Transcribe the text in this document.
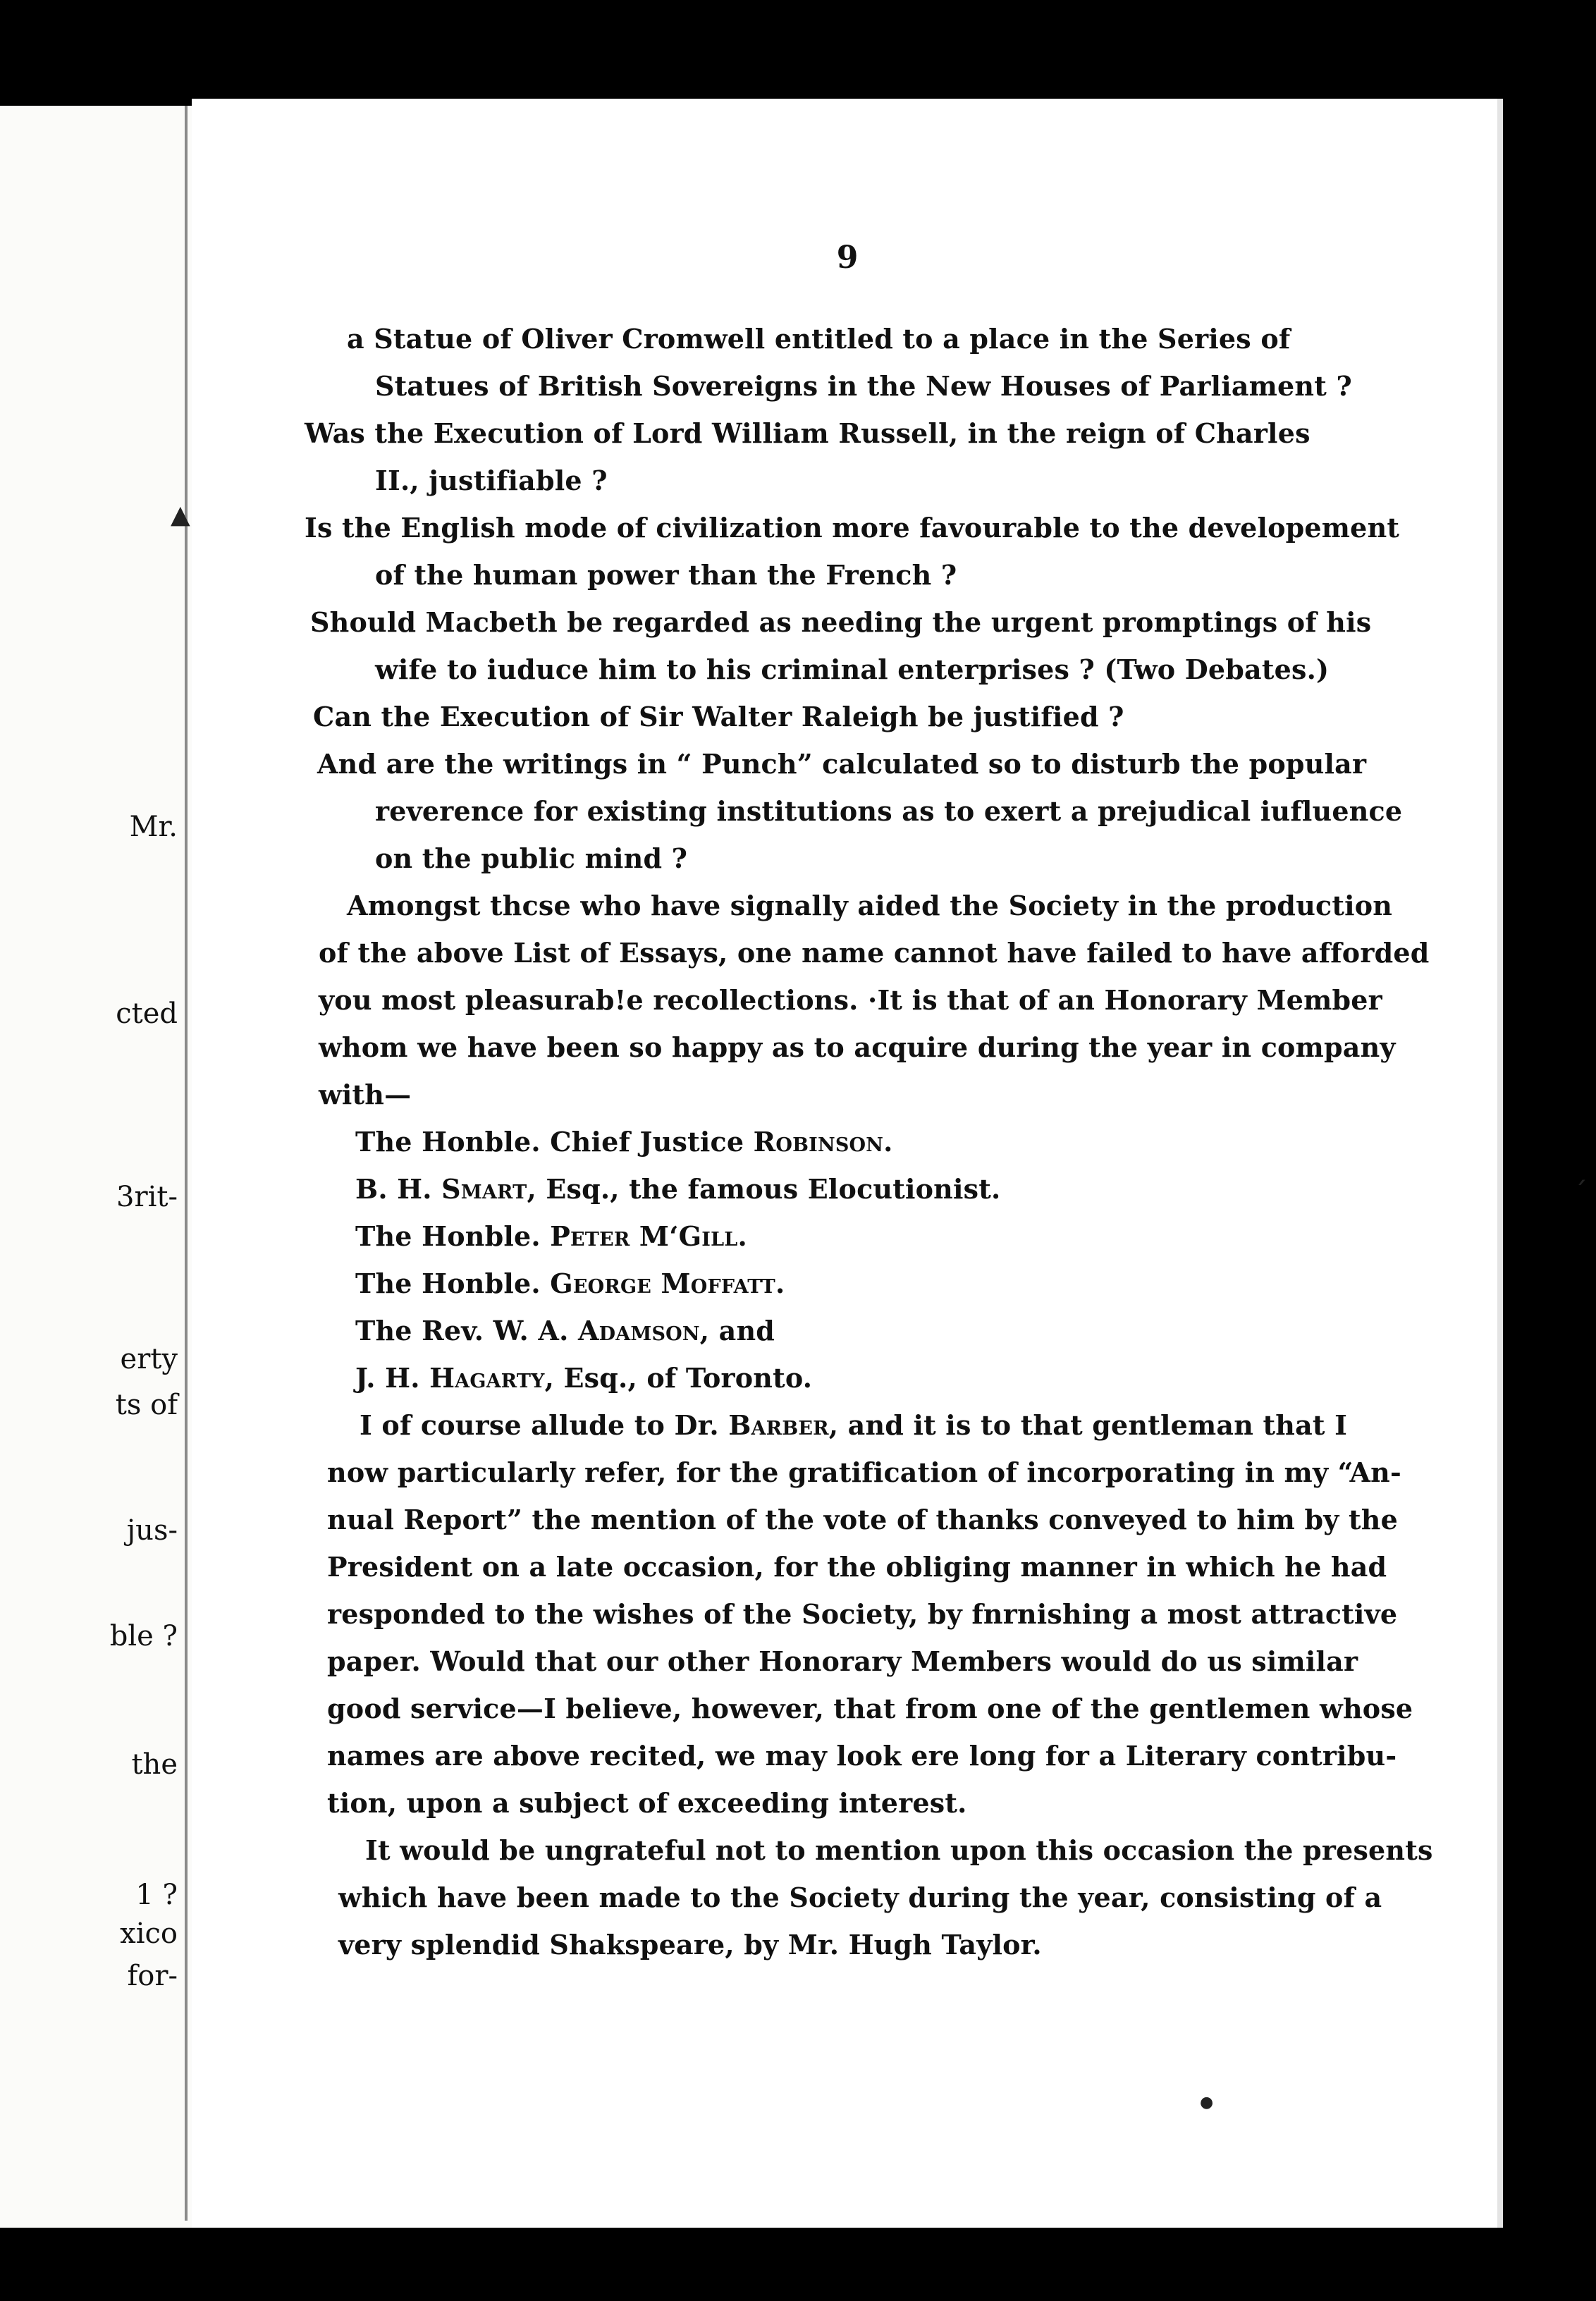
Mr.
cted
3rit-
erty
ts of
jus-
ble ?
the
1 ?
xico
for-
9
a Statue of Oliver Cromwell entitled to a place in the Series of
Statues of British Sovereigns in the New Houses of Parliament ?
Was the Execution of Lord William Russell, in the reign of Charles
II., justifiable ?
Is the English mode of civilization more favourable to the developement
of the human power than the French ?
Should Macbeth be regarded as needing the urgent promptings of his
wife to iuduce him to his criminal enterprises ? (Two Debates.)
Can the Execution of Sir Walter Raleigh be justified ?
And are the writings in “ Punch” calculated so to disturb the popular
reverence for existing institutions as to exert a prejudical iufluence
on the public mind ?
Amongst thcse who have signally aided the Society in the production
of the above List of Essays, one name cannot have failed to have afforded
you most pleasurab!e recollections. ·It is that of an Honorary Member
whom we have been so happy as to acquire during the year in company
with—
The Honble. Chief Justice Robinson.
B. H. Smart, Esq., the famous Elocutionist.
The Honble. Peter M‘Gill.
The Honble. George Moffatt.
The Rev. W. A. Adamson, and
J. H. Hagarty, Esq., of Toronto.
I of course allude to Dr. Barber, and it is to that gentleman that I
now particularly refer, for the gratification of incorporating in my “An-
nual Report” the mention of the vote of thanks conveyed to him by the
President on a late occasion, for the obliging manner in which he had
responded to the wishes of the Society, by fnrnishing a most attractive
paper. Would that our other Honorary Members would do us similar
good service—I believe, however, that from one of the gentlemen whose
names are above recited, we may look ere long for a Literary contribu-
tion, upon a subject of exceeding interest.
It would be ungrateful not to mention upon this occasion the presents
which have been made to the Society during the year, consisting of a
very splendid Shakspeare, by Mr. Hugh Taylor.
▲
ˊ
●
